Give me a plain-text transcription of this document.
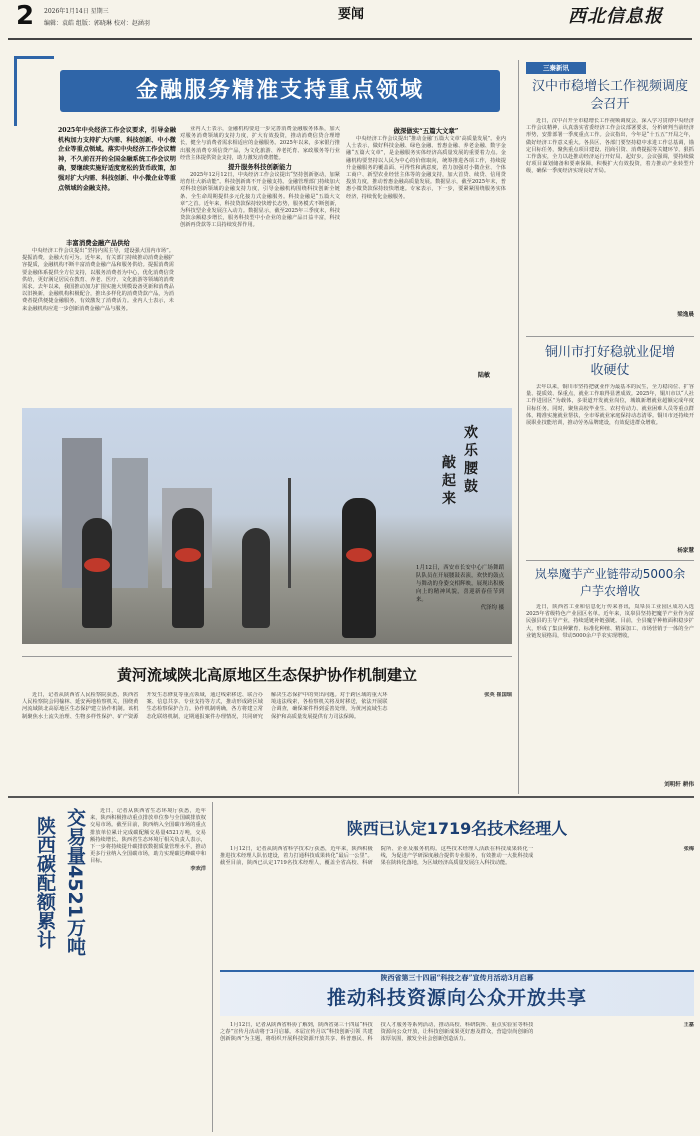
2 2026年1月14日 星期三
编辑：袁皓 组版：郭晓琳 校对：赵涵羽
要闻	西北信息报
金融服务精准支持重点领域
2025年中央经济工作会议要求，引导金融机构加力支持扩大内需、科技创新、中小微企业等重点领域。落实中央经济工作会议精神，不久前召开的全国金融系统工作会议明确，要继续实施好适度宽松的货币政策，加强对扩大内需、科技创新、中小微企业等重点领域的金融支持。

丰富消费金融产品供给

中央经济工作会议提出“坚持内需主导，建设强大国内市场”。提振消费，金融大有可为。近年来，有关部门持续推动消费金融扩容提质，金融机构不断丰富消费金融产品和服务供给。提振消费需要金融体系提供全方位支持，以服务消费者为中心，优化消费信贷供给，更好满足居民在教育、养老、医疗、文化旅游等领域的消费需求。去年以来，我国推动加力扩围实施大规模设备更新和消费品以旧换新，金融机构积极配合，推出多样化的消费贷款产品，为消费者提供便捷金融服务，有效激发了消费活力。业内人士表示，未来金融机构应进一步创新消费金融产品与服务。

业内人士表示，金融机构要进一步完善消费金融服务体系，加大对服务消费领域的支持力度，扩大有效投资，推动消费信贷合理增长，健全与消费者需求相适应的金融服务。2025年以来，多家银行推出服务消费专项信贷产品，为文化旅游、养老托育、家政服务等行业经营主体提供资金支持，助力激发消费潜能。

提升服务科技创新能力

2025年12月12日，中央经济工作会议提出“坚持创新驱动，加紧培育壮大新动能”。科技创新离不开金融支持。金融管理部门持续加大对科技创新领域的金融支持力度，引导金融机构围绕科技创新全链条、全生命周期提供多元化接力式金融服务。科技金融是“五篇大文章”之首。近年来，科技贷款保持较快增长态势，服务模式不断创新，为科技型企业发展注入动力。数据显示，截至2025年三季度末，科技贷款余额稳步增长，服务科技型中小企业的金融产品日益丰富，科技创新再贷款等工具持续发挥作用。

做深做实“五篇大文章”

中央经济工作会议提出“推动金融‘五篇大文章’高质量发展”。业内人士表示，做好科技金融、绿色金融、普惠金融、养老金融、数字金融“五篇大文章”，是金融服务实体经济高质量发展的重要着力点。金融机构要坚持以人民为中心的价值取向，统筹推进各项工作，持续提升金融服务的覆盖面、可得性和满意度，着力加强对小微企业、个体工商户、新型农业经营主体等的金融支持，加大首贷、续贷、信用贷投放力度，推动普惠金融高质量发展。数据显示，截至2025年末，普惠小微贷款保持较快增速。专家表示，下一步，要紧紧围绕服务实体经济，持续优化金融服务。

陆敏
欢
乐
腰
鼓
敲
起
来
1月12日，西安市长安中心广场舞蹈队队员在开展腰鼓表演，欢快的鼓点与舞动的身姿交相辉映，展现出积极向上的精神风貌，喜迎新春佳节到来。
代泽均 摄
三秦新讯
汉中市稳增长工作视频调度会召开

近日，汉中召开全市稳增长工作视频调度会，深入学习贯彻中央经济工作会议精神，认真落实省委经济工作会议部署要求，分析研判当前经济形势，安排部署一季度重点工作。会议指出，今年是“十五五”开局之年，做好经济工作意义重大。各县区、各部门要坚持稳中求进工作总基调，锚定目标任务，聚焦重点项目建设、招商引资、消费提振等关键环节，狠抓工作落实，全力以赴推动经济运行开好局、起好步。会议强调，要持续做好项目谋划储备和要素保障，积极扩大有效投资，着力推动产业转型升级，确保一季度经济实现良好开局。

梁逸晨
铜川市打好稳就业促增收硬仗

去年以来，铜川市坚持把就业作为最基本的民生，全力稳岗位、扩容量、提质效、保重点，就业工作取得显著成效。2025年，铜川市以“人社工作进园区”为载体，多渠道开发就业岗位，城镇新增就业超额完成年度目标任务。同时，聚焦高校毕业生、农村劳动力、就业困难人员等重点群体，精准实施就业帮扶，全市零就业家庭保持动态清零。铜川市还持续开展职业技能培训，推动劳务品牌建设，有效促进群众增收。

杨家慧
岚皋魔芋产业链带动5000余户芋农增收

近日，陕西省工业和信息化厅传来喜讯，岚皋县工业园区成功入选2025年省级特色产业园区名单。近年来，岚皋县坚持把魔芋产业作为富民强县的主导产业，持续延链补链强链。目前，全县魔芋种植面积稳步扩大，形成了集良种繁育、标准化种植、精深加工、市场营销于一体的全产业链发展格局，带动5000余户芋农实现增收。

刘明轩 耕伟
黄河流域陕北高原地区生态保护协作机制建立

近日，记者从陕西省人民检察院获悉，陕西省人民检察院会同榆林、延安两地检察机关，围绕黄河流域陕北高原地区生态保护建立协作机制。该机制聚焦水土流失治理、生物多样性保护、矿产资源开发生态修复等重点领域，通过线索移送、联合办案、信息共享、专业支持等方式，推动形成跨区域生态检察保护合力。协作机制明确，各方将建立常态化联络机制，定期通报案件办理情况，共同研究解决生态保护中的突出问题。对于跨区域的重大环境违法线索，各检察机关将及时移送，依法开展联合调查，确保案件得到妥善处理，为黄河流域生态保护和高质量发展提供有力司法保障。

张英 崔国瑞
交易量4521万吨
陕西碳配额累计

近日，记者从陕西省生态环境厅获悉，近年来，陕西积极推动重点排放单位参与全国碳排放权交易市场。截至目前，陕西纳入全国碳市场的重点排放单位累计完成碳配额交易量4521万吨，交易额持续增长。陕西省生态环境厅相关负责人表示，下一步将持续提升碳排放数据质量管理水平，推动更多行业纳入全国碳市场，助力实现碳达峰碳中和目标。

李欢洋
陕西已认定1719名技术经理人

1月12日，记者从陕西省科学技术厅获悉，近年来，陕西积极推进技术经理人队伍建设，着力打通科技成果转化“最后一公里”。截至目前，陕西已认定1719名技术经理人，覆盖全省高校、科研院所、企业及服务机构。这些技术经理人活跃在科技成果转化一线，为促进产学研深度融合提供专业服务，有效推动一大批科技成果在陕转化落地，为区域经济高质量发展注入科技动能。

张梅
陕西省第三十四届“科技之春”宣传月活动3月启幕
推动科技资源向公众开放共享

1月12日，记者从陕西省科协了解到，陕西省第三十四届“科技之春”宣传月活动将于3月启幕。本届宣传月以“科技创新引领 共建创新陕西”为主题，将组织开展科技资源开放共享、科普惠民、科技人才服务等系列活动，推动高校、科研院所、重点实验室等科技资源向公众开放，让科技创新成果更好惠及群众，营造崇尚创新的浓厚氛围，激发全社会创新创造活力。

王嘉
